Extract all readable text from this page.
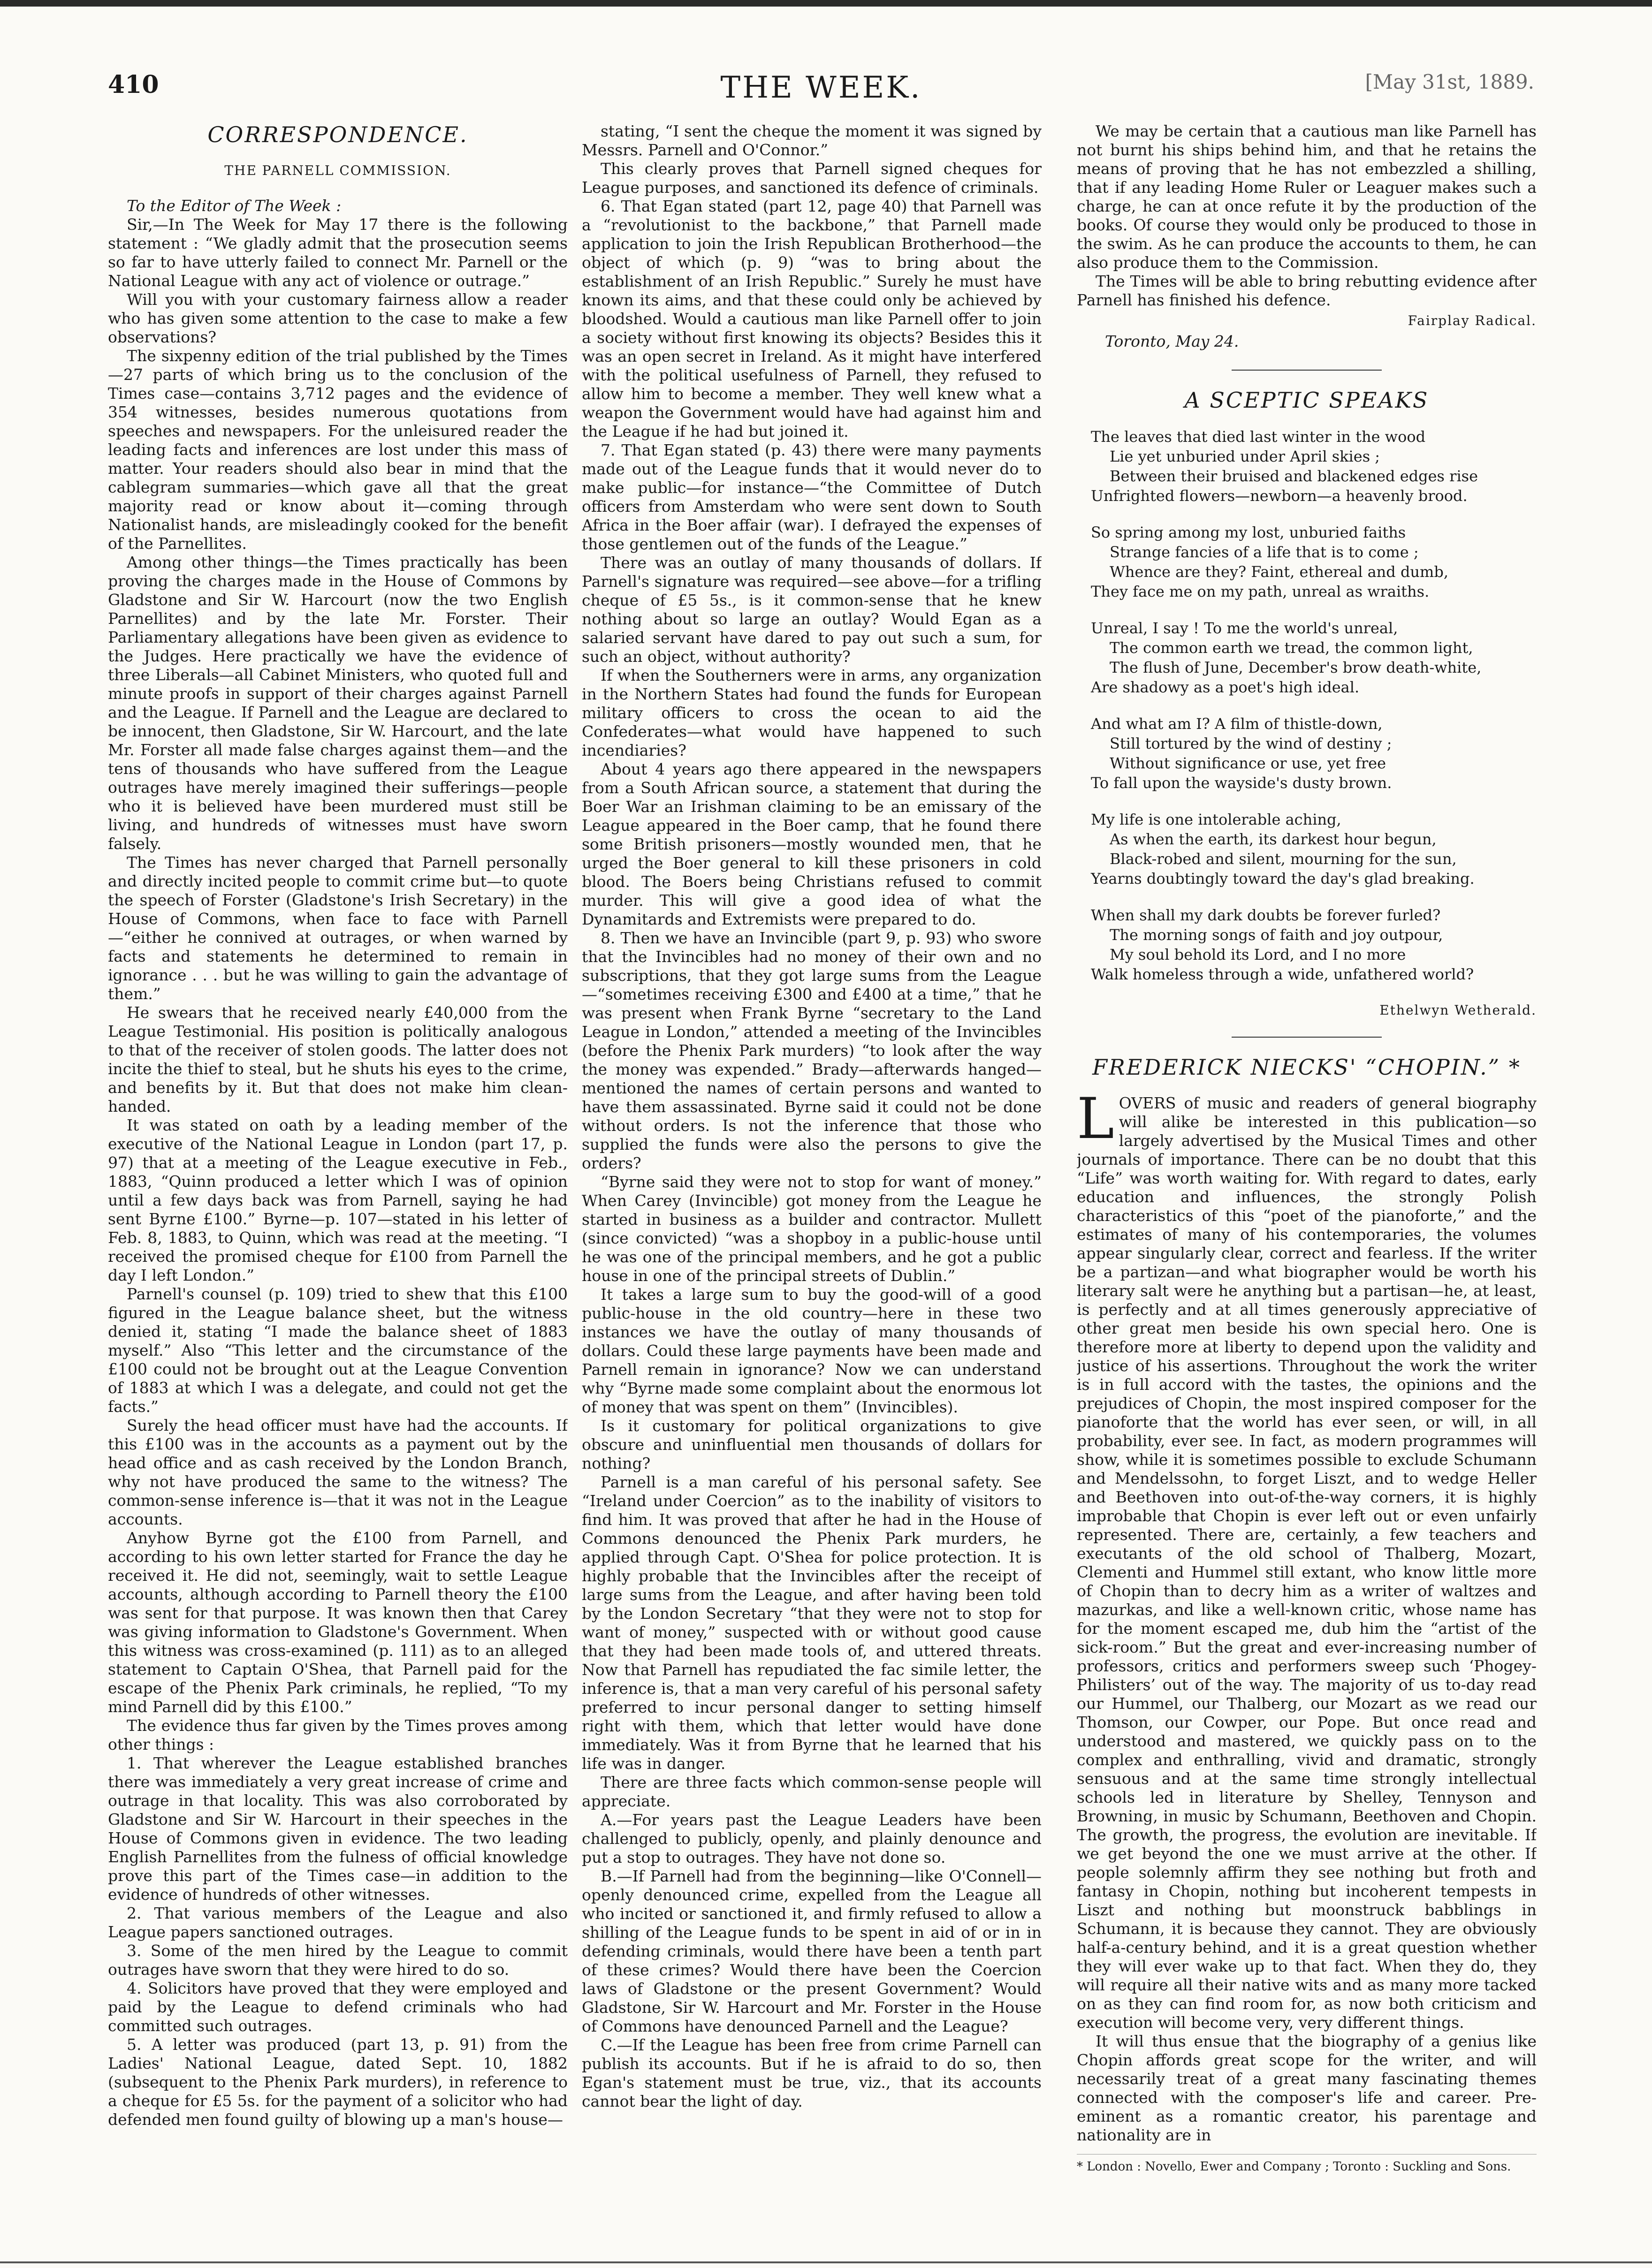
410	THE WEEK.	[May 31st, 1889.
CORRESPONDENCE.
THE PARNELL COMMISSION.

To the Editor of The Week :

Sir,—In The Week for May 17 there is the following statement : “We gladly admit that the prosecution seems so far to have utterly failed to connect Mr. Parnell or the National League with any act of violence or outrage.”

Will you with your customary fairness allow a reader who has given some attention to the case to make a few observations?

The sixpenny edition of the trial published by the Times—27 parts of which bring us to the conclusion of the Times case—contains 3,712 pages and the evidence of 354 witnesses, besides numerous quotations from speeches and newspapers. For the unleisured reader the leading facts and inferences are lost under this mass of matter. Your readers should also bear in mind that the cablegram summaries—which gave all that the great majority read or know about it—coming through Nationalist hands, are misleadingly cooked for the benefit of the Parnellites.

Among other things—the Times practically has been proving the charges made in the House of Commons by Gladstone and Sir W. Harcourt (now the two English Parnellites) and by the late Mr. Forster. Their Parliamentary allegations have been given as evidence to the Judges. Here practically we have the evidence of three Liberals—all Cabinet Ministers, who quoted full and minute proofs in support of their charges against Parnell and the League. If Parnell and the League are declared to be innocent, then Gladstone, Sir W. Harcourt, and the late Mr. Forster all made false charges against them—and the tens of thousands who have suffered from the League outrages have merely imagined their sufferings—people who it is believed have been murdered must still be living, and hundreds of witnesses must have sworn falsely.

The Times has never charged that Parnell personally and directly incited people to commit crime but—to quote the speech of Forster (Gladstone's Irish Secretary) in the House of Commons, when face to face with Parnell—“either he connived at outrages, or when warned by facts and statements he determined to remain in ignorance . . . but he was willing to gain the advantage of them.”

He swears that he received nearly £40,000 from the League Testimonial. His position is politically analogous to that of the receiver of stolen goods. The latter does not incite the thief to steal, but he shuts his eyes to the crime, and benefits by it. But that does not make him clean-handed.

It was stated on oath by a leading member of the executive of the National League in London (part 17, p. 97) that at a meeting of the League executive in Feb., 1883, “Quinn produced a letter which I was of opinion until a few days back was from Parnell, saying he had sent Byrne £100.” Byrne—p. 107—stated in his letter of Feb. 8, 1883, to Quinn, which was read at the meeting. “I received the promised cheque for £100 from Parnell the day I left London.”

Parnell's counsel (p. 109) tried to shew that this £100 figured in the League balance sheet, but the witness denied it, stating “I made the balance sheet of 1883 myself.” Also “This letter and the circumstance of the £100 could not be brought out at the League Convention of 1883 at which I was a delegate, and could not get the facts.”

Surely the head officer must have had the accounts. If this £100 was in the accounts as a payment out by the head office and as cash received by the London Branch, why not have produced the same to the witness? The common-sense inference is—that it was not in the League accounts.

Anyhow Byrne got the £100 from Parnell, and according to his own letter started for France the day he received it. He did not, seemingly, wait to settle League accounts, although according to Parnell theory the £100 was sent for that purpose. It was known then that Carey was giving information to Gladstone's Government. When this witness was cross-examined (p. 111) as to an alleged statement to Captain O'Shea, that Parnell paid for the escape of the Phenix Park criminals, he replied, “To my mind Parnell did by this £100.”

The evidence thus far given by the Times proves among other things :

1. That wherever the League established branches there was immediately a very great increase of crime and outrage in that locality. This was also corroborated by Gladstone and Sir W. Harcourt in their speeches in the House of Commons given in evidence. The two leading English Parnellites from the fulness of official knowledge prove this part of the Times case—in addition to the evidence of hundreds of other witnesses.

2. That various members of the League and also League papers sanctioned outrages.

3. Some of the men hired by the League to commit outrages have sworn that they were hired to do so.

4. Solicitors have proved that they were employed and paid by the League to defend criminals who had committed such outrages.

5. A letter was produced (part 13, p. 91) from the Ladies' National League, dated Sept. 10, 1882 (subsequent to the Phenix Park murders), in reference to a cheque for £5 5s. for the payment of a solicitor who had defended men found guilty of blowing up a man's house—

stating, “I sent the cheque the moment it was signed by Messrs. Parnell and O'Connor.”

This clearly proves that Parnell signed cheques for League purposes, and sanctioned its defence of criminals.

6. That Egan stated (part 12, page 40) that Parnell was a “revolutionist to the backbone,” that Parnell made application to join the Irish Republican Brotherhood—the object of which (p. 9) “was to bring about the establishment of an Irish Republic.” Surely he must have known its aims, and that these could only be achieved by bloodshed. Would a cautious man like Parnell offer to join a society without first knowing its objects? Besides this it was an open secret in Ireland. As it might have interfered with the political usefulness of Parnell, they refused to allow him to become a member. They well knew what a weapon the Government would have had against him and the League if he had but joined it.

7. That Egan stated (p. 43) there were many payments made out of the League funds that it would never do to make public—for instance—“the Committee of Dutch officers from Amsterdam who were sent down to South Africa in the Boer affair (war). I defrayed the expenses of those gentlemen out of the funds of the League.”

There was an outlay of many thousands of dollars. If Parnell's signature was required—see above—for a trifling cheque of £5 5s., is it common-sense that he knew nothing about so large an outlay? Would Egan as a salaried servant have dared to pay out such a sum, for such an object, without authority?

If when the Southerners were in arms, any organization in the Northern States had found the funds for European military officers to cross the ocean to aid the Confederates—what would have happened to such incendiaries?

About 4 years ago there appeared in the newspapers from a South African source, a statement that during the Boer War an Irishman claiming to be an emissary of the League appeared in the Boer camp, that he found there some British prisoners—mostly wounded men, that he urged the Boer general to kill these prisoners in cold blood. The Boers being Christians refused to commit murder. This will give a good idea of what the Dynamitards and Extremists were prepared to do.

8. Then we have an Invincible (part 9, p. 93) who swore that the Invincibles had no money of their own and no subscriptions, that they got large sums from the League —“sometimes receiving £300 and £400 at a time,” that he was present when Frank Byrne “secretary to the Land League in London,” attended a meeting of the Invincibles (before the Phenix Park murders) “to look after the way the money was expended.” Brady—afterwards hanged—mentioned the names of certain persons and wanted to have them assassinated. Byrne said it could not be done without orders. Is not the inference that those who supplied the funds were also the persons to give the orders?

“Byrne said they were not to stop for want of money.” When Carey (Invincible) got money from the League he started in business as a builder and contractor. Mullett (since convicted) “was a shopboy in a public-house until he was one of the principal members, and he got a public house in one of the principal streets of Dublin.”

It takes a large sum to buy the good-will of a good public-house in the old country—here in these two instances we have the outlay of many thousands of dollars. Could these large payments have been made and Parnell remain in ignorance? Now we can understand why “Byrne made some complaint about the enormous lot of money that was spent on them” (Invincibles).

Is it customary for political organizations to give obscure and uninfluential men thousands of dollars for nothing?

Parnell is a man careful of his personal safety. See “Ireland under Coercion” as to the inability of visitors to find him. It was proved that after he had in the House of Commons denounced the Phenix Park murders, he applied through Capt. O'Shea for police protection. It is highly probable that the Invincibles after the receipt of large sums from the League, and after having been told by the London Secretary “that they were not to stop for want of money,” suspected with or without good cause that they had been made tools of, and uttered threats. Now that Parnell has repudiated the fac simile letter, the inference is, that a man very careful of his personal safety preferred to incur personal danger to setting himself right with them, which that letter would have done immediately. Was it from Byrne that he learned that his life was in danger.

There are three facts which common-sense people will appreciate.

A.—For years past the League Leaders have been challenged to publicly, openly, and plainly denounce and put a stop to outrages. They have not done so.

B.—If Parnell had from the beginning—like O'Connell—openly denounced crime, expelled from the League all who incited or sanctioned it, and firmly refused to allow a shilling of the League funds to be spent in aid of or in in defending criminals, would there have been a tenth part of these crimes? Would there have been the Coercion laws of Gladstone or the present Government? Would Gladstone, Sir W. Harcourt and Mr. Forster in the House of Commons have denounced Parnell and the League?

C.—If the League has been free from crime Parnell can publish its accounts. But if he is afraid to do so, then Egan's statement must be true, viz., that its accounts cannot bear the light of day.

We may be certain that a cautious man like Parnell has not burnt his ships behind him, and that he retains the means of proving that he has not embezzled a shilling, that if any leading Home Ruler or Leaguer makes such a charge, he can at once refute it by the production of the books. Of course they would only be produced to those in the swim. As he can produce the accounts to them, he can also produce them to the Commission.

The Times will be able to bring rebutting evidence after Parnell has finished his defence.

Fairplay Radical.
Toronto, May 24.
A SCEPTIC SPEAKS
The leaves that died last winter in the wood
Lie yet unburied under April skies ;
Between their bruised and blackened edges rise
Unfrighted flowers—newborn—a heavenly brood.
So spring among my lost, unburied faiths
Strange fancies of a life that is to come ;
Whence are they? Faint, ethereal and dumb,
They face me on my path, unreal as wraiths.
Unreal, I say ! To me the world's unreal,
The common earth we tread, the common light,
The flush of June, December's brow death-white,
Are shadowy as a poet's high ideal.
And what am I? A film of thistle-down,
Still tortured by the wind of destiny ;
Without significance or use, yet free
To fall upon the wayside's dusty brown.
My life is one intolerable aching,
As when the earth, its darkest hour begun,
Black-robed and silent, mourning for the sun,
Yearns doubtingly toward the day's glad breaking.
When shall my dark doubts be forever furled?
The morning songs of faith and joy outpour,
My soul behold its Lord, and I no more
Walk homeless through a wide, unfathered world?
Ethelwyn Wetherald.
FREDERICK NIECKS' “CHOPIN.” *

LOVERS of music and readers of general biography will alike be interested in this publication—so largely advertised by the Musical Times and other journals of importance. There can be no doubt that this “Life” was worth waiting for. With regard to dates, early education and influences, the strongly Polish characteristics of this “poet of the pianoforte,” and the estimates of many of his contemporaries, the volumes appear singularly clear, correct and fearless. If the writer be a partizan—and what biographer would be worth his literary salt were he anything but a partisan—he, at least, is perfectly and at all times generously appreciative of other great men beside his own special hero. One is therefore more at liberty to depend upon the validity and justice of his assertions. Throughout the work the writer is in full accord with the tastes, the opinions and the prejudices of Chopin, the most inspired composer for the pianoforte that the world has ever seen, or will, in all probability, ever see. In fact, as modern programmes will show, while it is sometimes possible to exclude Schumann and Mendelssohn, to forget Liszt, and to wedge Heller and Beethoven into out-of-the-way corners, it is highly improbable that Chopin is ever left out or even unfairly represented. There are, certainly, a few teachers and executants of the old school of Thalberg, Mozart, Clementi and Hummel still extant, who know little more of Chopin than to decry him as a writer of waltzes and mazurkas, and like a well-known critic, whose name has for the moment escaped me, dub him the “artist of the sick-room.” But the great and ever-increasing number of professors, critics and performers sweep such ‘Phogey-Philisters’ out of the way. The majority of us to-day read our Hummel, our Thalberg, our Mozart as we read our Thomson, our Cowper, our Pope. But once read and understood and mastered, we quickly pass on to the complex and enthralling, vivid and dramatic, strongly sensuous and at the same time strongly intellectual schools led in literature by Shelley, Tennyson and Browning, in music by Schumann, Beethoven and Chopin. The growth, the progress, the evolution are inevitable. If we get beyond the one we must arrive at the other. If people solemnly affirm they see nothing but froth and fantasy in Chopin, nothing but incoherent tempests in Liszt and nothing but moonstruck babblings in Schumann, it is because they cannot. They are obviously half-a-century behind, and it is a great question whether they will ever wake up to that fact. When they do, they will require all their native wits and as many more tacked on as they can find room for, as now both criticism and execution will become very, very different things.

It will thus ensue that the biography of a genius like Chopin affords great scope for the writer, and will necessarily treat of a great many fascinating themes connected with the composer's life and career. Pre-eminent as a romantic creator, his parentage and nationality are in

* London : Novello, Ewer and Company ; Toronto : Suckling and Sons.
